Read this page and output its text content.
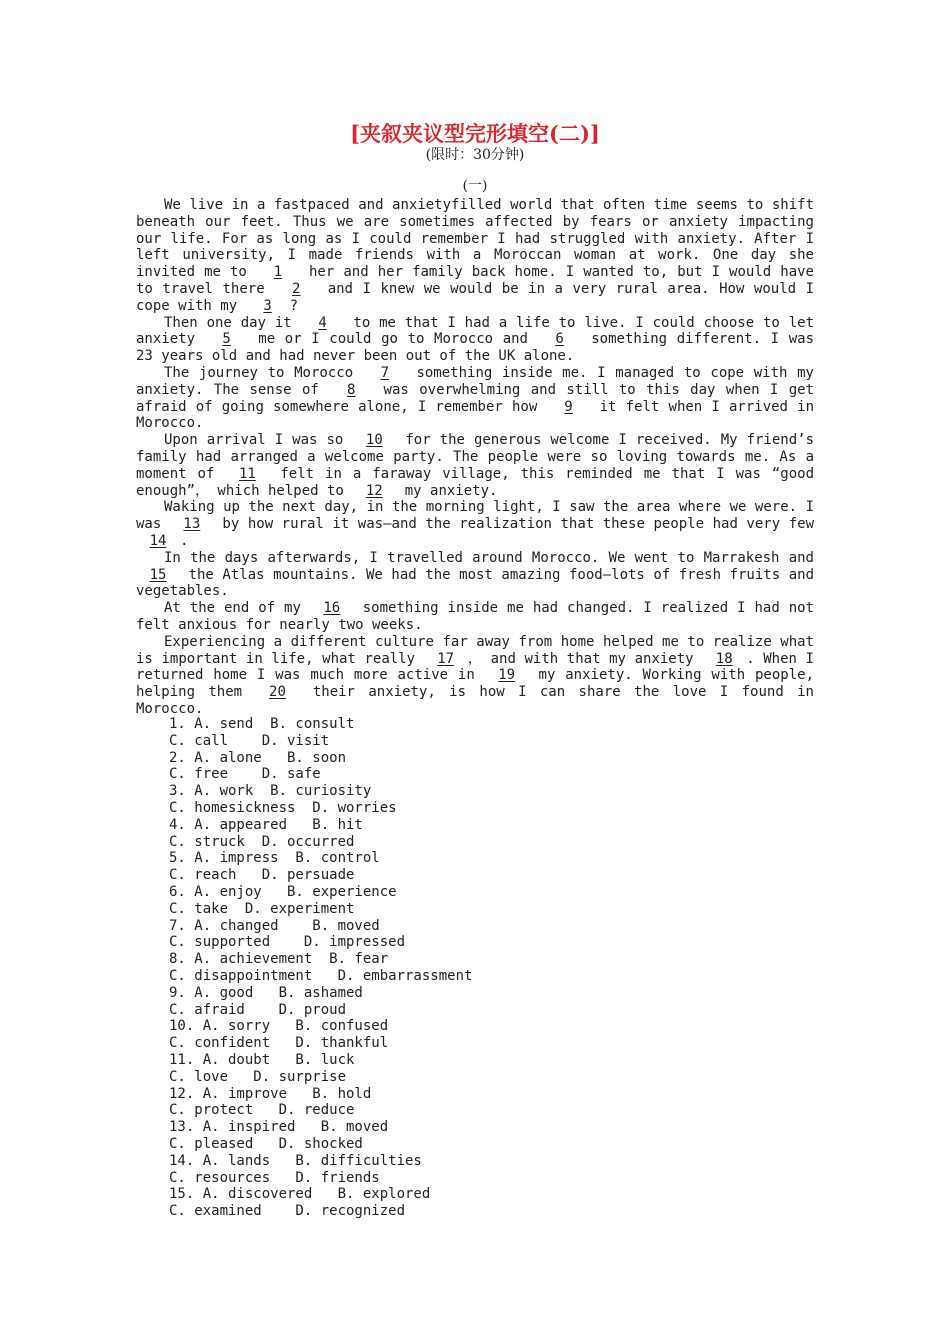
[夹叙夹议型完形填空(二)]
(限时：30分钟)
(一)

We live in a fastpaced and anxietyfilled world that often time seems to shift beneath our feet. Thus we are sometimes affected by fears or anxiety impacting our life. For as long as I could remember I had struggled with anxiety. After I left university, I made friends with a Moroccan woman at work. One day she invited me to 1 her and her family back home. I wanted to, but I would have to travel there 2 and I knew we would be in a very rural area. How would I cope with my 3 ?

Then one day it 4 to me that I had a life to live. I could choose to let anxiety 5 me or I could go to Morocco and 6 something different. I was 23 years old and had never been out of the UK alone.

The journey to Morocco 7 something inside me. I managed to cope with my anxiety. The sense of 8 was overwhelming and still to this day when I get afraid of going somewhere alone, I remember how 9 it felt when I arrived in Morocco.

Upon arrival I was so 10 for the generous welcome I received. My friend’s family had arranged a welcome party. The people were so loving towards me. As a moment of 11 felt in a faraway village, this reminded me that I was “good enough”， which helped to 12 my anxiety.

Waking up the next day, in the morning light, I saw the area where we were. I was 13 by how rural it was—and the realization that these people had very few 14 .

In the days afterwards, I travelled around Morocco. We went to Marrakesh and 15 the Atlas mountains. We had the most amazing food—lots of fresh fruits and vegetables.

At the end of my 16 something inside me had changed. I realized I had not felt anxious for nearly two weeks.

Experiencing a different culture far away from home helped me to realize what is important in life, what really 17 ， and with that my anxiety 18 . When I returned home I was much more active in 19 my anxiety. Working with people, helping them 20 their anxiety, is how I can share the love I found in Morocco.

1. A. send  B. consult
C. call    D. visit
2. A. alone   B. soon
C. free    D. safe
3. A. work  B. curiosity
C. homesickness  D. worries
4. A. appeared   B. hit
C. struck  D. occurred
5. A. impress  B. control
C. reach   D. persuade
6. A. enjoy   B. experience
C. take  D. experiment
7. A. changed    B. moved
C. supported    D. impressed
8. A. achievement  B. fear
C. disappointment   D. embarrassment
9. A. good   B. ashamed
C. afraid    D. proud
10. A. sorry   B. confused
C. confident   D. thankful
11. A. doubt   B. luck
C. love   D. surprise
12. A. improve   B. hold
C. protect   D. reduce
13. A. inspired   B. moved
C. pleased   D. shocked
14. A. lands   B. difficulties
C. resources   D. friends
15. A. discovered   B. explored
C. examined    D. recognized
